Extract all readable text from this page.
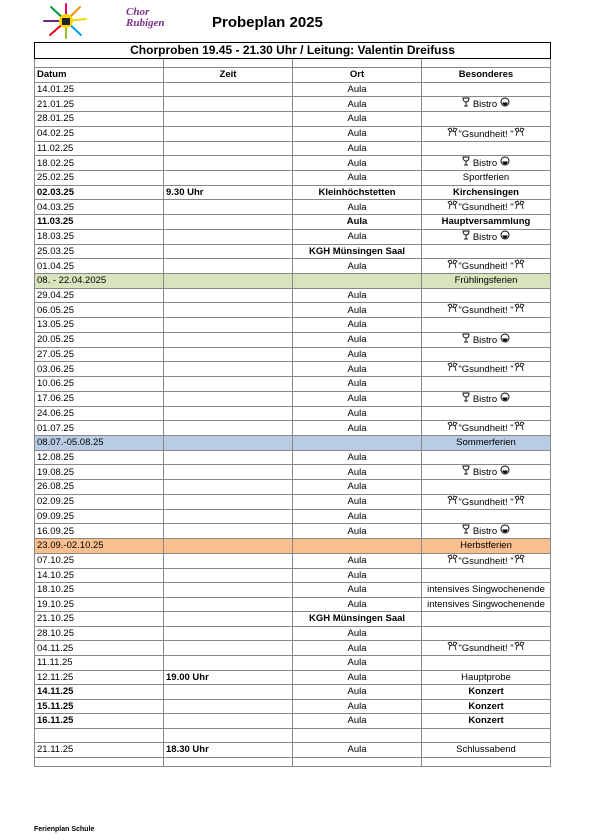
Chor
Rubigen	Probeplan 2025
Chorproben 19.45 - 21.30 Uhr / Leitung: Valentin Dreifuss			

Datum	Zeit	Ort	Besonderes
14.01.25		Aula	
21.01.25		Aula	Bistro
28.01.25		Aula	
04.02.25		Aula	"Gsundheit! "
11.02.25		Aula	
18.02.25		Aula	Bistro
25.02.25		Aula	Sportferien
02.03.25	9.30 Uhr	Kleinhöchstetten	Kirchensingen
04.03.25		Aula	"Gsundheit! "
11.03.25		Aula	Hauptversammlung
18.03.25		Aula	Bistro
25.03.25		KGH Münsingen Saal	
01.04.25		Aula	"Gsundheit! "
08. - 22.04.2025			Frühlingsferien
29.04.25		Aula	
06.05.25		Aula	"Gsundheit! "
13.05.25		Aula	
20.05.25		Aula	Bistro
27.05.25		Aula	
03.06.25		Aula	"Gsundheit! "
10.06.25		Aula	
17.06.25		Aula	Bistro
24.06.25		Aula	
01.07.25		Aula	"Gsundheit! "
08.07.-05.08.25			Sommerferien
12.08.25		Aula	
19.08.25		Aula	Bistro
26.08.25		Aula	
02.09.25		Aula	"Gsundheit! "
09.09.25		Aula	
16.09.25		Aula	Bistro
23.09.-02.10.25			Herbstferien
07.10.25		Aula	"Gsundheit! "
14.10.25		Aula	
18.10.25		Aula	intensives Singwochenende
19.10.25		Aula	intensives Singwochenende
21.10.25		KGH Münsingen Saal	
28.10.25		Aula	
04.11.25		Aula	"Gsundheit! "
11.11.25		Aula	
12.11.25	19.00 Uhr	Aula	Hauptprobe
14.11.25		Aula	Konzert
15.11.25		Aula	Konzert
16.11.25		Aula	Konzert

21.11.25	18.30 Uhr	Aula	Schlussabend

Ferienplan Schule
